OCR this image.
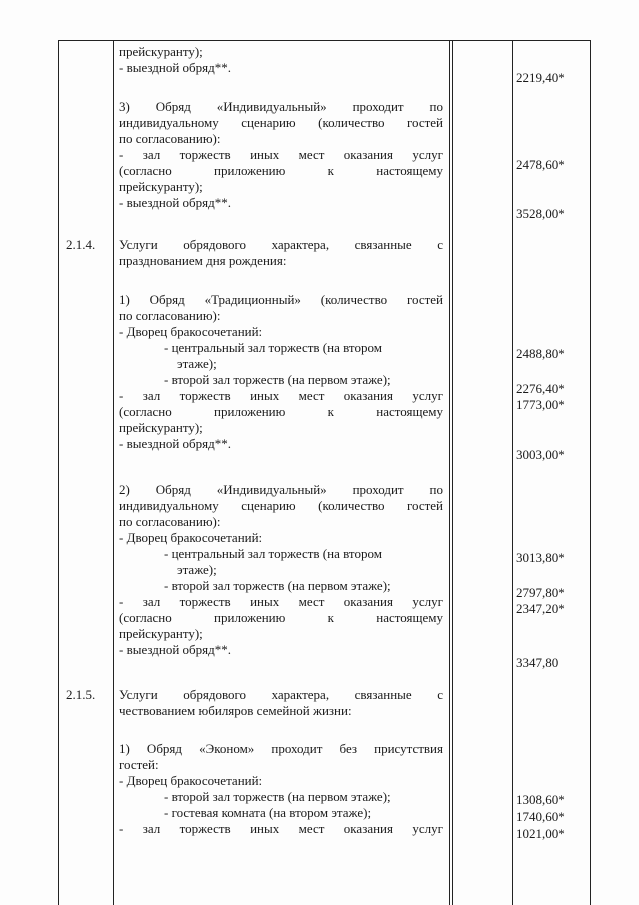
прейскуранту);
- выездной обряд**.
2219,40*
3) Обряд «Индивидуальный» проходит по
индивидуальному сценарию (количество гостей
по согласованию):
- зал торжеств иных мест оказания услуг
(согласно приложению к настоящему
прейскуранту);
- выездной обряд**.
2478,60*
3528,00*
2.1.4.	Услуги обрядового характера, связанные с
празднованием дня рождения:
1) Обряд «Традиционный» (количество гостей
по согласованию):
- Дворец бракосочетаний:
- центральный зал торжеств (на втором
этаже);
- второй зал торжеств (на первом этаже);
- зал торжеств иных мест оказания услуг
(согласно приложению к настоящему
прейскуранту);
- выездной обряд**.
2488,80*
2276,40*
1773,00*
3003,00*
2) Обряд «Индивидуальный» проходит по
индивидуальному сценарию (количество гостей
по согласованию):
- Дворец бракосочетаний:
- центральный зал торжеств (на втором
этаже);
- второй зал торжеств (на первом этаже);
- зал торжеств иных мест оказания услуг
(согласно приложению к настоящему
прейскуранту);
- выездной обряд**.
3013,80*
2797,80*
2347,20*
3347,80
2.1.5.	Услуги обрядового характера, связанные с
чествованием юбиляров семейной жизни:
1) Обряд «Эконом» проходит без присутствия
гостей:
- Дворец бракосочетаний:
- второй зал торжеств (на первом этаже);
- гостевая комната (на втором этаже);
- зал торжеств иных мест оказания услуг
1308,60*
1740,60*
1021,00*
